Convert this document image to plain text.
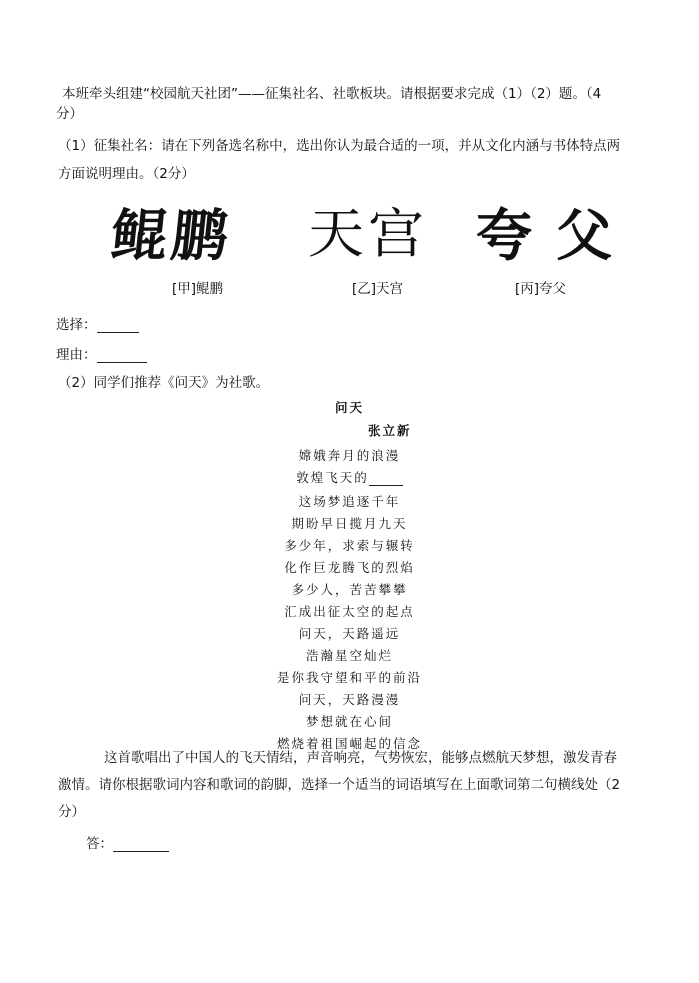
本班牵头组建“校园航天社团”——征集社名、社歌板块。请根据要求完成（1）（2）题。（4
分）
（1）征集社名：请在下列备选名称中，选出你认为最合适的一项，并从文化内涵与书体特点两
方面说明理由。（2分）
鲲鹏 天宫 夸父
[甲]鲲鹏	[乙]天宫	[丙]夸父
选择：
理由：
（2）同学们推荐《问天》为社歌。
问天
张立新
嫦娥奔月的浪漫
敦煌飞天的
这场梦追逐千年
期盼早日揽月九天
多少年，求索与辗转
化作巨龙腾飞的烈焰
多少人，苦苦攀攀
汇成出征太空的起点
问天，天路遥远
浩瀚星空灿烂
是你我守望和平的前沿
问天，天路漫漫
梦想就在心间
燃烧着祖国崛起的信念
这首歌唱出了中国人的飞天情结，声音响亮，气势恢宏，能够点燃航天梦想，激发青春
激情。请你根据歌词内容和歌词的韵脚，选择一个适当的词语填写在上面歌词第二句横线处（2
分）
答：
